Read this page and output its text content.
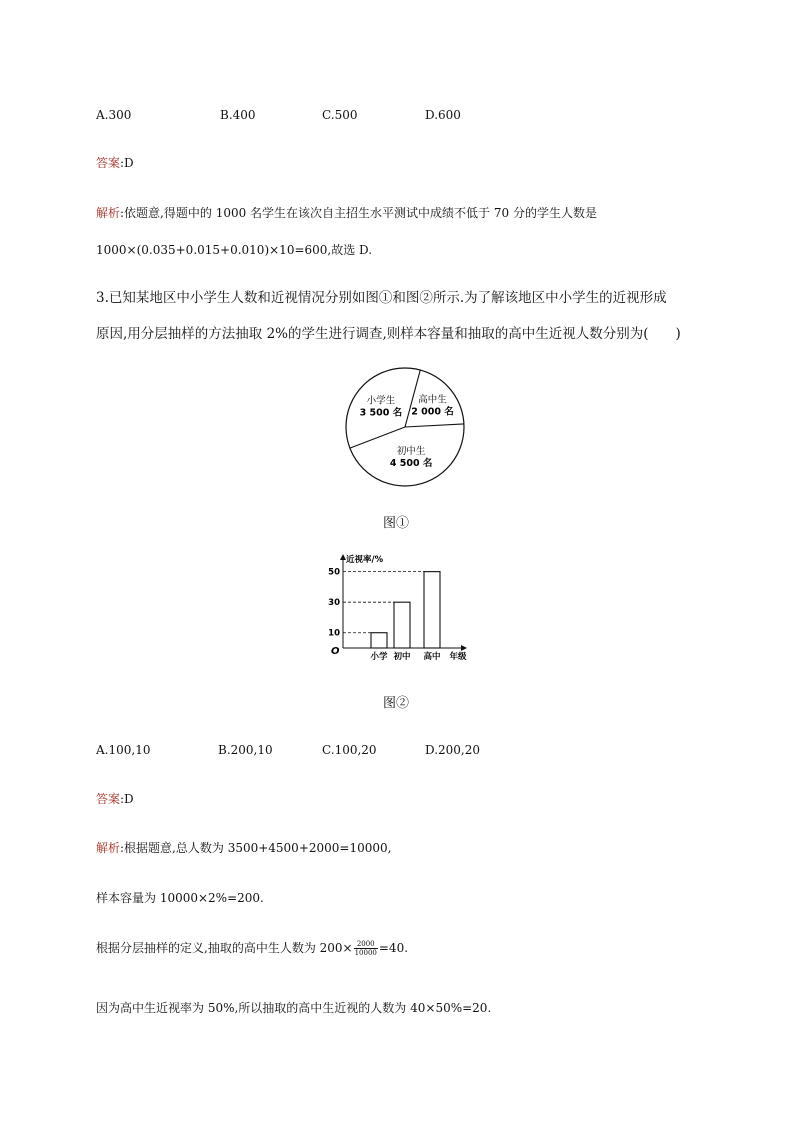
A.300	B.400	C.500	D.600
答案:D
解析:依题意,得题中的 1000 名学生在该次自主招生水平测试中成绩不低于 70 分的学生人数是
1000×(0.035+0.015+0.010)×10=600,故选 D.
3.已知某地区中小学生人数和近视情况分别如图①和图②所示.为了解该地区中小学生的近视形成
原因,用分层抽样的方法抽取 2%的学生进行调查,则样本容量和抽取的高中生近视人数分别为(　　)
小学生
3 500 名
初中生
4 500 名
高中生
2 000 名
图①
近视率/%
O	小学 初中 高中
10
30
50
年级
图②
A.100,10	B.200,10	C.100,20	D.200,20
答案:D
解析:根据题意,总人数为 3500+4500+2000=10000,
样本容量为 10000×2%=200.
根据分层抽样的定义,抽取的高中生人数为 $200\times \frac{2000}{10000} =40$.
因为高中生近视率为 50%,所以抽取的高中生近视的人数为 40×50%=20.
